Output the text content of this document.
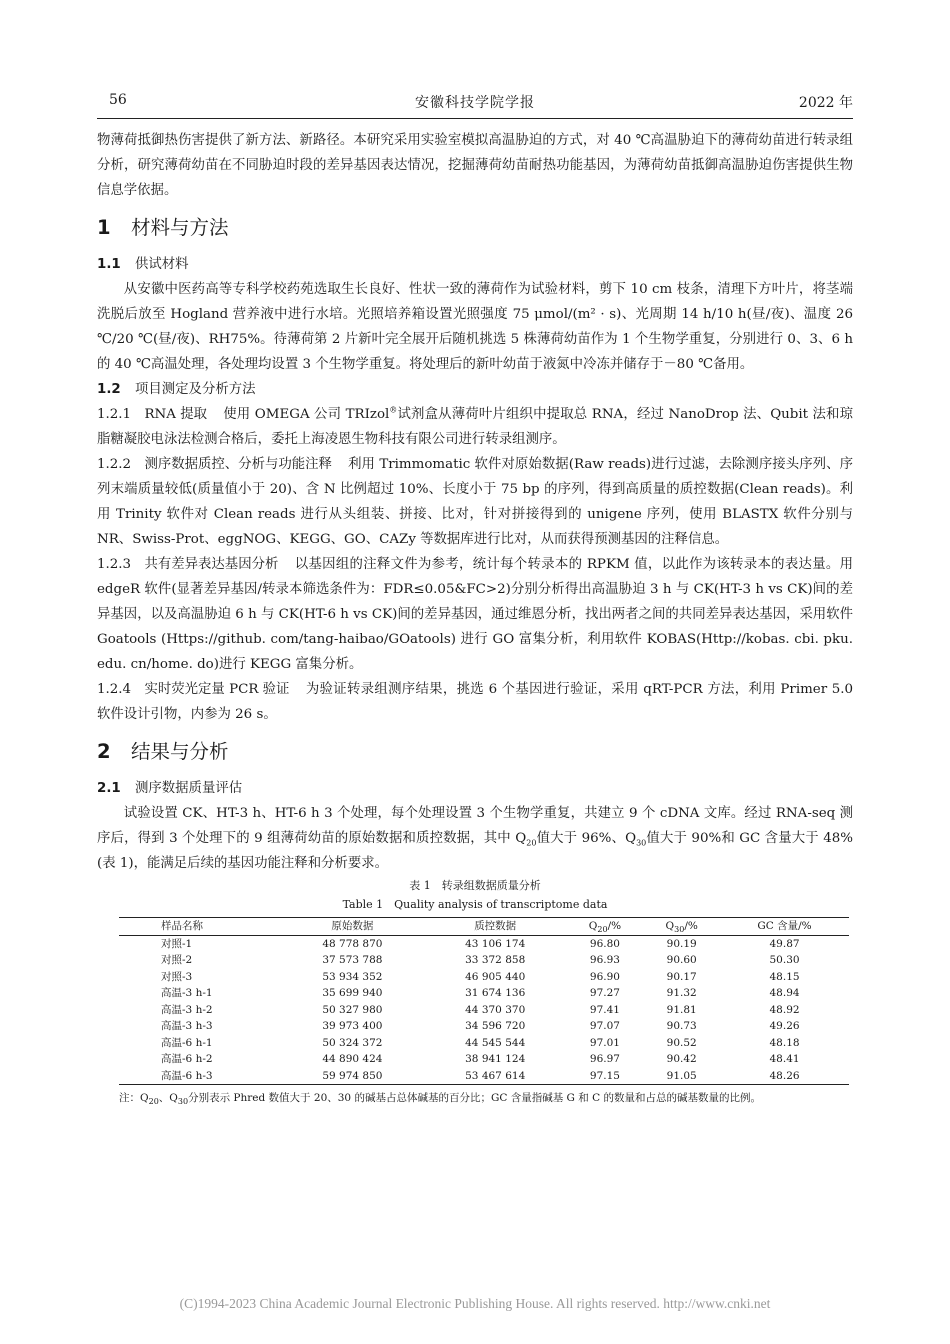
56	安徽科技学院学报	2022 年

物薄荷抵御热伤害提供了新方法、新路径。本研究采用实验室模拟高温胁迫的方式，对 40 ℃高温胁迫下的薄荷幼苗进行转录组分析，研究薄荷幼苗在不同胁迫时段的差异基因表达情况，挖掘薄荷幼苗耐热功能基因，为薄荷幼苗抵御高温胁迫伤害提供生物信息学依据。

1 材料与方法
1.1 供试材料

从安徽中医药高等专科学校药苑选取生长良好、性状一致的薄荷作为试验材料，剪下 10 cm 枝条，清理下方叶片，将茎端洗脱后放至 Hogland 营养液中进行水培。光照培养箱设置光照强度 75 μmol/(m² · s)、光周期 14 h/10 h(昼/夜)、温度 26 ℃/20 ℃(昼/夜)、RH75%。待薄荷第 2 片新叶完全展开后随机挑选 5 株薄荷幼苗作为 1 个生物学重复，分别进行 0、3、6 h 的 40 ℃高温处理，各处理均设置 3 个生物学重复。将处理后的新叶幼苗于液氮中冷冻并储存于－80 ℃备用。

1.2 项目测定及分析方法

1.2.1 RNA 提取 使用 OMEGA 公司 TRIzol®试剂盒从薄荷叶片组织中提取总 RNA，经过 NanoDrop 法、Qubit 法和琼脂糖凝胶电泳法检测合格后，委托上海凌恩生物科技有限公司进行转录组测序。

1.2.2 测序数据质控、分析与功能注释 利用 Trimmomatic 软件对原始数据(Raw reads)进行过滤，去除测序接头序列、序列末端质量较低(质量值小于 20)、含 N 比例超过 10%、长度小于 75 bp 的序列，得到高质量的质控数据(Clean reads)。利用 Trinity 软件对 Clean reads 进行从头组装、拼接、比对，针对拼接得到的 unigene 序列，使用 BLASTX 软件分别与 NR、Swiss-Prot、eggNOG、KEGG、GO、CAZy 等数据库进行比对，从而获得预测基因的注释信息。

1.2.3 共有差异表达基因分析 以基因组的注释文件为参考，统计每个转录本的 RPKM 值，以此作为该转录本的表达量。用 edgeR 软件(显著差异基因/转录本筛选条件为：FDR≤0.05&FC>2)分别分析得出高温胁迫 3 h 与 CK(HT-3 h vs CK)间的差异基因，以及高温胁迫 6 h 与 CK(HT-6 h vs CK)间的差异基因，通过维恩分析，找出两者之间的共同差异表达基因，采用软件 Goatools (Https://github. com/tang-haibao/GOatools) 进行 GO 富集分析，利用软件 KOBAS(Http://kobas. cbi. pku. edu. cn/home. do)进行 KEGG 富集分析。

1.2.4 实时荧光定量 PCR 验证 为验证转录组测序结果，挑选 6 个基因进行验证，采用 qRT-PCR 方法，利用 Primer 5.0 软件设计引物，内参为 26 s。

2 结果与分析
2.1 测序数据质量评估

试验设置 CK、HT-3 h、HT-6 h 3 个处理，每个处理设置 3 个生物学重复，共建立 9 个 cDNA 文库。经过 RNA-seq 测序后，得到 3 个处理下的 9 组薄荷幼苗的原始数据和质控数据，其中 $Q_{20}$值大于 96%、$Q_{30}$值大于 90%和 GC 含量大于 48%(表 1)，能满足后续的基因功能注释和分析要求。

表 1　转录组数据质量分析
Table 1　Quality analysis of transcriptome data
样品名称	原始数据	质控数据	$Q_{20}/\%$	$Q_{30}/\%$	GC 含量/%
对照-1	48 778 870	43 106 174	96.80	90.19	49.87
对照-2	37 573 788	33 372 858	96.93	90.60	50.30
对照-3	53 934 352	46 905 440	96.90	90.17	48.15
高温-3 h-1	35 699 940	31 674 136	97.27	91.32	48.94
高温-3 h-2	50 327 980	44 370 370	97.41	91.81	48.92
高温-3 h-3	39 973 400	34 596 720	97.07	90.73	49.26
高温-6 h-1	50 324 372	44 545 544	97.01	90.52	48.18
高温-6 h-2	44 890 424	38 941 124	96.97	90.42	48.41
高温-6 h-3	59 974 850	53 467 614	97.15	91.05	48.26
注：$Q_{20}$、$Q_{30}$分别表示 Phred 数值大于 20、30 的碱基占总体碱基的百分比；GC 含量指碱基 G 和 C 的数量和占总的碱基数量的比例。
(C)1994-2023 China Academic Journal Electronic Publishing House. All rights reserved. http://www.cnki.net
